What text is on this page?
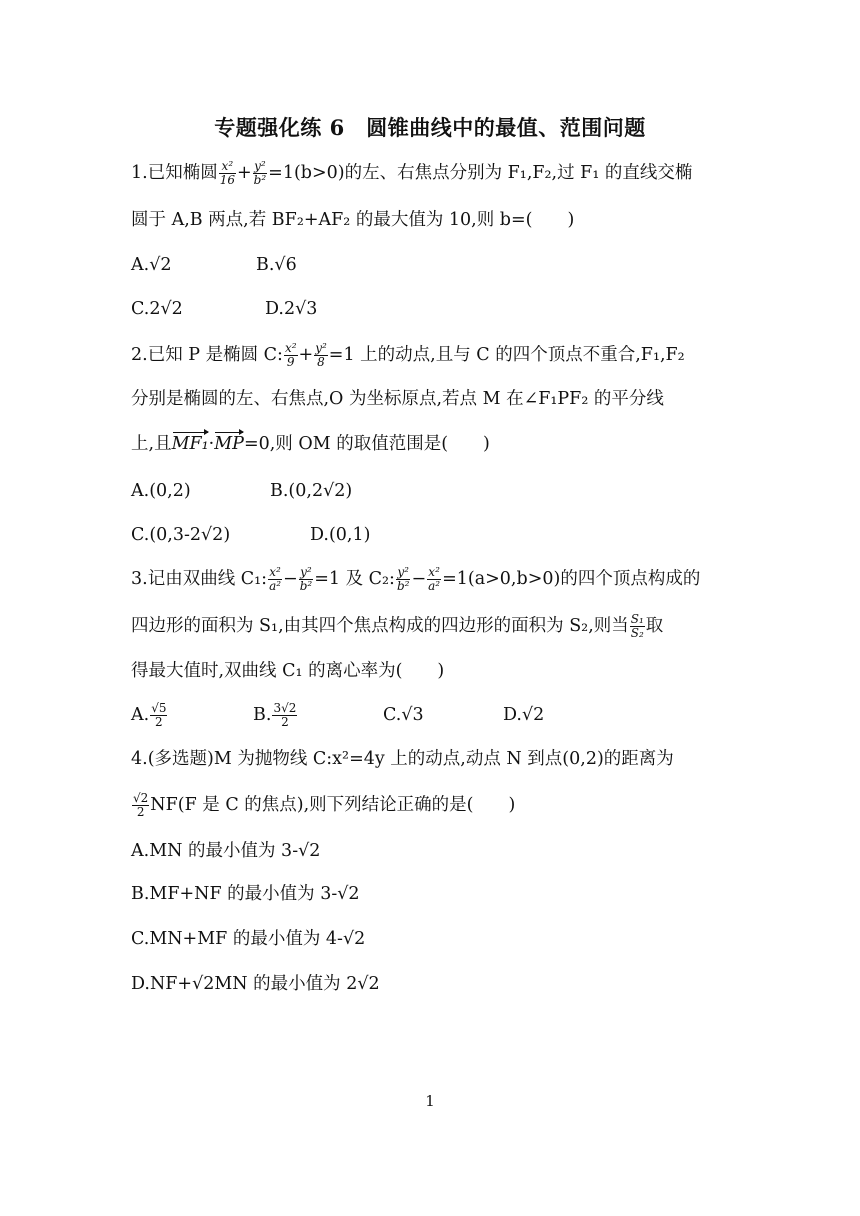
专题强化练 6　圆锥曲线中的最值、范围问题
1.已知椭圆 $\frac{\text{x²}}{16} + \frac{\text{y²}}{\text{b²}} =1(b>0)$的左、右焦点分别为 F₁,F₂,过 F₁ 的直线交椭
圆于 A,B 两点,若 BF₂+AF₂ 的最大值为 10,则 b=(　　)
A.√2	B.√6
C.2√2	D.2√3
2.已知 P 是椭圆 C: $\frac{\text{x²}}{9} + \frac{\text{y²}}{8} =1$ 上的动点,且与 C 的四个顶点不重合,F₁,F₂
分别是椭圆的左、右焦点,O 为坐标原点,若点 M 在∠F₁PF₂ 的平分线
上,且MF₁·MP=0,则 OM 的取值范围是(　　)
A.(0,2)	B.(0,2√2)
C.(0,3-2√2)	D.(0,1)
3.记由双曲线 C₁: $\frac{\text{x²}}{\text{a²}} - \frac{\text{y²}}{\text{b²}} =1$ 及 C₂: $\frac{\text{y²}}{\text{b²}} - \frac{\text{x²}}{\text{a²}} =1(a>0,b>0)$的四个顶点构成的
四边形的面积为 S₁,由其四个焦点构成的四边形的面积为 S₂,则当 $\frac{\text{S₁}}{\text{S₂}}$ 取
得最大值时,双曲线 C₁ 的离心率为(　　)
A. $\frac{√5}{2}$	B. $\frac{3√2}{2}$	C.√3	D.√2
4.(多选题)M 为抛物线 C:x²=4y 上的动点,动点 N 到点(0,2)的距离为
$\frac{√2}{2} NF(F$ 是 C 的焦点),则下列结论正确的是(　　)
A.MN 的最小值为 3-√2
B.MF+NF 的最小值为 3-√2
C.MN+MF 的最小值为 4-√2
D.NF+√2MN 的最小值为 2√2
1
